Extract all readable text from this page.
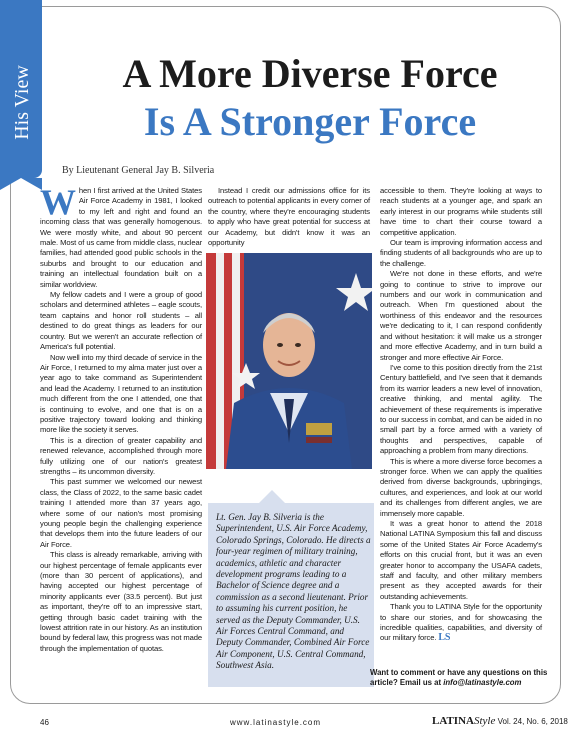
His View	A More Diverse Force
Is A Stronger Force
By Lieutenant General Jay B. Silveria

When I first arrived at the United States Air Force Academy in 1981, I looked to my left and right and found an incoming class that was generally homogenous. We were mostly white, and about 90 percent male. Most of us came from middle class, nuclear families, had attended good public schools in the suburbs and brought to our education and training an intellectual foundation built on a similar worldview.

My fellow cadets and I were a group of good scholars and determined athletes – eagle scouts, team captains and honor roll students – all destined to do great things as leaders for our country. But we weren't an accurate reflection of America's full potential.

Now well into my third decade of service in the Air Force, I returned to my alma mater just over a year ago to take command as Superintendent and lead the Academy. I returned to an institution much different from the one I attended, one that is continuing to evolve, and one that is on a positive trajectory toward looking and thinking more like the society it serves.

This is a direction of greater capability and renewed relevance, accomplished through more fully utilizing one of our nation's greatest strengths – its uncommon diversity.

This past summer we welcomed our newest class, the Class of 2022, to the same basic cadet training I attended more than 37 years ago, where some of our nation's most promising young people begin the challenging experience that develops them into the future leaders of our Air Force.

This class is already remarkable, arriving with our highest percentage of female applicants ever (more than 30 percent of applications), and having accepted our highest percentage of minority applicants ever (33.5 percent). But just as important, they're off to an impressive start, getting through basic cadet training with the lowest attrition rate in our history. As an institution bound by federal law, this progress was not made through the implementation of quotas.

Instead I credit our admissions office for its outreach to potential applicants in every corner of the country, where they're encouraging students to apply who have great potential for success at our Academy, but didn't know it was an opportunity

Lt. Gen. Jay B. Silveria is the Superintendent, U.S. Air Force Academy, Colorado Springs, Colorado. He directs a four-year regimen of military training, academics, athletic and character development programs leading to a Bachelor of Science degree and a commission as a second lieutenant. Prior to assuming his current position, he served as the Deputy Commander, U.S. Air Forces Central Command, and Deputy Commander, Combined Air Force Air Component, U.S. Central Command, Southwest Asia.

accessible to them. They're looking at ways to reach students at a younger age, and spark an early interest in our programs while students still have time to chart their course toward a competitive application.

Our team is improving information access and finding students of all backgrounds who are up to the challenge.

We're not done in these efforts, and we're going to continue to strive to improve our numbers and our work in communication and outreach. When I'm questioned about the worthiness of this endeavor and the resources we're dedicating to it, I can respond confidently and without hesitation: it will make us a stronger and more effective Academy, and in turn build a stronger and more effective Air Force.

I've come to this position directly from the 21st Century battlefield, and I've seen that it demands from its warrior leaders a new level of innovation, creative thinking, and mental agility. The achievement of these requirements is imperative to our success in combat, and can be aided in no small part by a force armed with a variety of thoughts and perspectives, capable of approaching a problem from many directions.

This is where a more diverse force becomes a stronger force. When we can apply the qualities derived from diverse backgrounds, upbringings, cultures, and experiences, and look at our world and its challenges from different angles, we are immensely more capable.

It was a great honor to attend the 2018 National LATINA Symposium this fall and discuss some of the United States Air Force Academy's efforts on this crucial front, but it was an even greater honor to accompany the USAFA cadets, staff and faculty, and other military members present as they accepted awards for their outstanding achievements.

Thank you to LATINA Style for the opportunity to share our stories, and for showcasing the incredible qualities, capabilities, and diversity of our military force. LS

Want to comment or have any questions on this article? Email us at info@latinastyle.com
46	www.latinastyle.com	LATINAStyle Vol. 24, No. 6, 2018
